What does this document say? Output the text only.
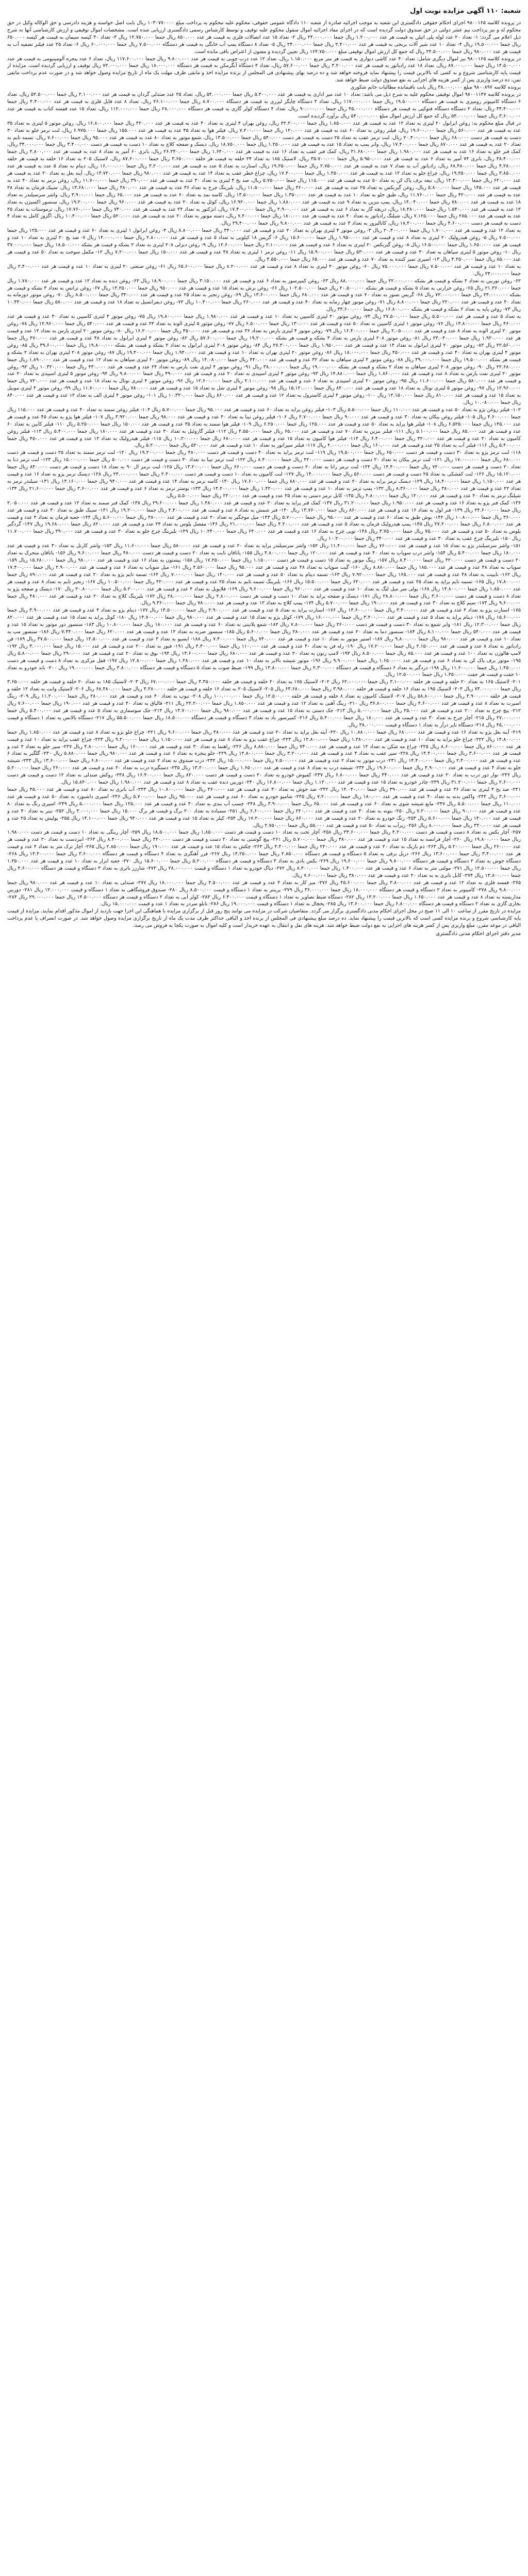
شعبه: ۱۱۰ آگهی مزایده نوبت اول

در پرونده کلاسه ۹۸۰۰۱۶۵ اجرای احکام حقوقی دادگستری این شعبه به موجب اجرائیه صادره از شعبه ۱۱۰ دادگاه عمومی حقوقی، محکوم علیه محکوم به پرداخت مبلغ ۱۰۳۰۷۷۰۰۰۰ ریال بابت اصل خواسته و هزینه دادرسی و حق الوکاله وکیل در حق محکوم له و نیز پرداخت نیم عشر دولتی در حق صندوق دولت گردیده است که در اجرای مفاد اجرائیه اموال منقول محکوم علیه توقیف و توسط کارشناس رسمی دادگستری ارزیابی شده است. مشخصات اموال توقیفی و ارزش کارشناسی آنها به شرح ذیل اعلام می گردد: ۱- تعداد ۲۰ عدد لوله پلی اتیلن به قیمت هر عدد ۱.۲۰۰.۰۰۰ ریال جمعا ۲۴.۰۰۰.۰۰۰ ریال ۲- تعداد ۱۵ عدد اتصالات فلزی به قیمت هر عدد ۸۵۰.۰۰۰ ریال جمعا ۱۲.۷۵۰.۰۰۰ ریال ۳- تعداد ۳۰ کیسه سیمان به قیمت هر کیسه ۶۵۰.۰۰۰ ریال جمعا ۱۹.۵۰۰.۰۰۰ ریال ۴- تعداد ۱۰ عدد شیر آلات برنجی به قیمت هر عدد ۲.۴۰۰.۰۰۰ ریال جمعا ۲۴.۰۰۰.۰۰۰ ریال ۵- تعداد ۸ دستگاه پمپ آب خانگی به قیمت هر دستگاه ۷.۵۰۰.۰۰۰ ریال جمعا ۶۰.۰۰۰.۰۰۰ ریال ۶- تعداد ۲۵ عدد فیلتر تصفیه آب به قیمت هر عدد ۹۸۰.۰۰۰ ریال جمعا ۲۴.۵۰۰.۰۰۰ ریال که جمع کل ارزش اموال توقیفی مبلغ ۱۶۴.۷۵۰.۰۰۰ ریال تعیین گردیده و مصون از اعتراض باقی مانده است.

در پرونده کلاسه ۹۸۰۰۱۶۵ نیز اموال دیگری شامل: تعداد ۴۰ عدد کاشی دیواری به قیمت هر متر مربع ۱.۱۵۰.۰۰۰ ریال، تعداد ۱۲ عدد درب چوبی به قیمت هر عدد ۹.۸۰۰.۰۰۰ ریال جمعا ۱۱۷.۶۰۰.۰۰۰ ریال، تعداد ۶ عدد پنجره آلومینیومی به قیمت هر عدد ۱۴.۵۰۰.۰۰۰ ریال جمعا ۸۷.۰۰۰.۰۰۰ ریال، تعداد ۱۸ عدد رادیاتور به قیمت هر عدد ۳.۲۰۰.۰۰۰ ریال جمعا ۵۷.۶۰۰.۰۰۰ ریال، تعداد ۴ دستگاه آبگرمکن به قیمت هر دستگاه ۱۸.۰۰۰.۰۰۰ ریال جمعا ۷۲.۰۰۰.۰۰۰ ریال توقیف و ارزیابی گردیده است. مزایده از قیمت پایه کارشناسی شروع و به کسی که بالاترین قیمت را پیشنهاد نماید فروخته خواهد شد و ده درصد بهای پیشنهادی فی المجلس از برنده مزایده اخذ و مابقی ظرف مهلت یک ماه از تاریخ مزایده وصول خواهد شد و در صورت عدم پرداخت مابقی ثمن، ده درصد واریزی پس از کسر هزینه های اجرایی به نفع صندوق دولت ضبط خواهد شد.

پرونده کلاسه ۹۸۰۰۸۹۷ مبلغ ۳۸.۰۰۰.۰۰۰ ریال بابت باقیمانده مطالبات خانم شکوری

در پرونده کلاسه ۹۸۰۰۱۱۴۷ اموال توقیفی محکوم علیه به شرح ذیل می باشد: تعداد ۱۰ عدد میز اداری به قیمت هر عدد ۵.۴۰۰.۰۰۰ ریال جمعا ۵۴.۰۰۰.۰۰۰ ریال، تعداد ۲۵ عدد صندلی گردان به قیمت هر عدد ۲.۱۰۰.۰۰۰ ریال جمعا ۵۲.۵۰۰.۰۰۰ ریال، تعداد ۶ دستگاه کامپیوتر رومیزی به قیمت هر دستگاه ۱۹.۵۰۰.۰۰۰ ریال جمعا ۱۱۷.۰۰۰.۰۰۰ ریال، تعداد ۳ دستگاه چاپگر لیزری به قیمت هر دستگاه ۸.۷۰۰.۰۰۰ ریال جمعا ۲۶.۱۰۰.۰۰۰ ریال، تعداد ۸ عدد فایل فلزی به قیمت هر عدد ۴.۳۰۰.۰۰۰ ریال جمعا ۳۴.۴۰۰.۰۰۰ ریال، تعداد ۲ دستگاه دستگاه فتوکپی به قیمت هر دستگاه ۴۵.۰۰۰.۰۰۰ ریال جمعا ۹۰.۰۰۰.۰۰۰ ریال، تعداد ۴ دستگاه کولر گازی به قیمت هر دستگاه ۲۸.۰۰۰.۰۰۰ ریال جمعا ۱۱۲.۰۰۰.۰۰۰ ریال، تعداد ۱۵ عدد قفسه کتاب به قیمت هر عدد ۳.۶۰۰.۰۰۰ ریال جمعا ۵۴.۰۰۰.۰۰۰ ریال که جمع کل ارزش اموال مبلغ ۵۴۰.۰۰۰.۰۰۰ ریال برآورد گردیده است.

در قبال مبلغ محکوم به: روغن ایرانول ۲۰ لیتری به تعداد ۱۲ عدد به قیمت هر عدد ۱.۸۵۰.۰۰۰ ریال جمعا ۲۲.۲۰۰.۰۰۰ ریال، روغن بهران ۴ لیتری به تعداد ۴۰ عدد به قیمت هر عدد ۴۲۰.۰۰۰ ریال جمعا ۱۶.۸۰۰.۰۰۰ ریال، روغن موتور ۵ لیتری به تعداد ۳۵ عدد به قیمت هر عدد ۵۶۰.۰۰۰ ریال جمعا ۱۹.۶۰۰.۰۰۰ ریال، فیلتر روغن به تعداد ۶۰ عدد به قیمت هر عدد ۱۲۰.۰۰۰ ریال جمعا ۷.۲۰۰.۰۰۰ ریال، فیلتر هوا به تعداد ۴۵ عدد به قیمت هر عدد ۱۵۵.۰۰۰ ریال جمعا ۶.۹۷۵.۰۰۰ ریال، لنت ترمز جلو به تعداد ۳۰ دست به قیمت هر دست ۶۸۰.۰۰۰ ریال جمعا ۲۰.۴۰۰.۰۰۰ ریال، لنت ترمز عقب به تعداد ۲۵ دست به قیمت هر دست ۵۴۰.۰۰۰ ریال جمعا ۱۳.۵۰۰.۰۰۰ ریال، شمع موتور به تعداد ۸۰ عدد به قیمت هر عدد ۹۵.۰۰۰ ریال جمعا ۷.۶۰۰.۰۰۰ ریال، تسمه تایم به تعداد ۲۰ عدد به قیمت هر عدد ۸۷۰.۰۰۰ ریال جمعا ۱۷.۴۰۰.۰۰۰ ریال، واتر پمپ به تعداد ۱۵ عدد به قیمت هر عدد ۱.۲۵۰.۰۰۰ ریال جمعا ۱۸.۷۵۰.۰۰۰ ریال، دیسک و صفحه کلاچ به تعداد ۱۰ دست به قیمت هر دست ۳.۴۰۰.۰۰۰ ریال جمعا ۳۴.۰۰۰.۰۰۰ ریال، کمک فنر جلو به تعداد ۱۶ عدد به قیمت هر عدد ۱.۹۸۰.۰۰۰ ریال جمعا ۳۱.۶۸۰.۰۰۰ ریال، کمک فنر عقب به تعداد ۱۶ عدد به قیمت هر عدد ۱.۶۴۰.۰۰۰ ریال جمعا ۲۶.۲۴۰.۰۰۰ ریال، باتری ۶۰ آمپر به تعداد ۸ عدد به قیمت هر عدد ۴.۸۰۰.۰۰۰ ریال جمعا ۳۸.۴۰۰.۰۰۰ ریال، باتری ۷۴ آمپر به تعداد ۶ عدد به قیمت هر عدد ۵.۹۵۰.۰۰۰ ریال جمعا ۳۵.۷۰۰.۰۰۰ ریال، لاستیک ۱۸۵ به تعداد ۲۴ حلقه به قیمت هر حلقه ۳.۶۵۰.۰۰۰ ریال جمعا ۸۷.۶۰۰.۰۰۰ ریال، لاستیک ۲۰۵ به تعداد ۱۶ حلقه به قیمت هر حلقه ۴.۲۸۰.۰۰۰ ریال جمعا ۶۸.۴۸۰.۰۰۰ ریال، رادیاتور آب به تعداد ۷ عدد به قیمت هر عدد ۲.۷۵۰.۰۰۰ ریال جمعا ۱۹.۲۵۰.۰۰۰ ریال، استارت به تعداد ۵ عدد به قیمت هر عدد ۳.۲۰۰.۰۰۰ ریال جمعا ۱۶.۰۰۰.۰۰۰ ریال، دینام به تعداد ۵ عدد به قیمت هر عدد ۳.۸۵۰.۰۰۰ ریال جمعا ۱۹.۲۵۰.۰۰۰ ریال، چراغ جلو به تعداد ۱۲ عدد به قیمت هر عدد ۱.۴۵۰.۰۰۰ ریال جمعا ۱۷.۴۰۰.۰۰۰ ریال، چراغ خطر عقب به تعداد ۱۴ عدد به قیمت هر عدد ۹۸۰.۰۰۰ ریال جمعا ۱۳.۷۲۰.۰۰۰ ریال، آینه بغل به تعداد ۲۰ عدد به قیمت هر عدد ۶۲۰.۰۰۰ ریال جمعا ۱۲.۴۰۰.۰۰۰ ریال، تیغه برف پاک کن به تعداد ۵۰ عدد به قیمت هر عدد ۱۱۵.۰۰۰ ریال جمعا ۵.۷۵۰.۰۰۰ ریال، ضد یخ ۴ لیتری به تعداد ۳۰ عدد به قیمت هر عدد ۳۹۰.۰۰۰ ریال جمعا ۱۱.۷۰۰.۰۰۰ ریال، روغن ترمز به تعداد ۴۰ عدد به قیمت هر عدد ۱۴۵.۰۰۰ ریال جمعا ۵.۸۰۰.۰۰۰ ریال، روغن گیربکس به تعداد ۲۵ عدد به قیمت هر عدد ۴۶۰.۰۰۰ ریال جمعا ۱۱.۵۰۰.۰۰۰ ریال، بلبرینگ چرخ به تعداد ۳۶ عدد به قیمت هر عدد ۳۸۰.۰۰۰ ریال جمعا ۱۳.۶۸۰.۰۰۰ ریال، سیبک فرمان به تعداد ۲۸ عدد به قیمت هر عدد ۴۲۰.۰۰۰ ریال جمعا ۱۱.۷۶۰.۰۰۰ ریال، طبق جلو به تعداد ۱۰ عدد به قیمت هر عدد ۱.۳۵۰.۰۰۰ ریال جمعا ۱۳.۵۰۰.۰۰۰ ریال، کاسه نمد به تعداد ۶۰ عدد به قیمت هر عدد ۶۵.۰۰۰ ریال جمعا ۳.۹۰۰.۰۰۰ ریال، واشر سرسیلندر به تعداد ۱۸ عدد به قیمت هر عدد ۷۸۰.۰۰۰ ریال جمعا ۱۴.۰۴۰.۰۰۰ ریال، پمپ بنزین به تعداد ۹ عدد به قیمت هر عدد ۱.۸۸۰.۰۰۰ ریال جمعا ۱۶.۹۲۰.۰۰۰ ریال، کوئل به تعداد ۲۰ عدد به قیمت هر عدد ۹۶۰.۰۰۰ ریال جمعا ۱۹.۲۰۰.۰۰۰ ریال، سنسور اکسیژن به تعداد ۱۲ عدد به قیمت هر عدد ۱.۵۴۰.۰۰۰ ریال جمعا ۱۸.۴۸۰.۰۰۰ ریال، دریچه گاز به تعداد ۶ عدد به قیمت هر عدد ۲.۹۰۰.۰۰۰ ریال جمعا ۱۷.۴۰۰.۰۰۰ ریال، انژکتور به تعداد ۲۴ عدد به قیمت هر عدد ۷۴۰.۰۰۰ ریال جمعا ۱۷.۷۶۰.۰۰۰ ریال، ترموستات به تعداد ۲۵ عدد به قیمت هر عدد ۲۸۵.۰۰۰ ریال جمعا ۷.۱۲۵.۰۰۰ ریال، شیلنگ رادیاتور به تعداد ۴۰ عدد به قیمت هر عدد ۱۸۰.۰۰۰ ریال جمعا ۷.۲۰۰.۰۰۰ ریال، دسته موتور به تعداد ۲۰ عدد به قیمت هر عدد ۵۲۰.۰۰۰ ریال جمعا ۱۰.۴۰۰.۰۰۰ ریال، اگزوز کامل به تعداد ۴ دست به قیمت هر دست ۴.۶۰۰.۰۰۰ ریال جمعا ۱۸.۴۰۰.۰۰۰ ریال، کاتالیزور به تعداد ۳ عدد به قیمت هر عدد ۹.۸۰۰.۰۰۰ ریال جمعا ۲۹.۴۰۰.۰۰۰ ریال.

به تعداد ۱۲ عدد و قیمت هر عدد ۱.۷۰۰.۰۰۰ ریال جمعا ۲۰.۴۰۰.۰۰۰ ریال ۳- روغن موتور ۴ لیتری بهران به تعداد ۲۰ عدد و قیمت هر عدد ۴۴۰.۰۰۰ ریال جمعا ۸.۸۰۰.۰۰۰ ریال ۴- روغن ایرانول ۱ لیتری به تعداد ۶۰ عدد و قیمت هر عدد ۱۲۵.۰۰۰ ریال جمعا ۷.۵۰۰.۰۰۰ ریال ۵- روغن هیدرولیک ۲۰ لیتری به تعداد ۸ عدد و قیمت هر عدد ۱.۹۵۰.۰۰۰ ریال جمعا ۱۵.۶۰۰.۰۰۰ ریال ۶- گریس ۱۸ کیلویی به تعداد ۵ عدد و قیمت هر عدد ۲.۸۰۰.۰۰۰ ریال جمعا ۱۴.۰۰۰.۰۰۰ ریال ۷- ضد یخ ۲۰ لیتری به تعداد ۱۰ عدد و قیمت هر عدد ۱.۶۵۰.۰۰۰ ریال جمعا ۱۶.۵۰۰.۰۰۰ ریال ۸- روغن گیربکس ۲۰ لیتری به تعداد ۶ عدد و قیمت هر عدد ۲.۱۰۰.۰۰۰ ریال جمعا ۱۲.۶۰۰.۰۰۰ ریال ۹- روغن دیزلی ۲۰۸ لیتری به تعداد ۲ بشکه و قیمت هر بشکه ۱۸.۵۰۰.۰۰۰ ریال جمعا ۳۷.۰۰۰.۰۰۰ ریال ۱۰- روغن موتور ۵ لیتری سپاهان به تعداد ۳۰ عدد و قیمت هر عدد ۵۳۰.۰۰۰ ریال جمعا ۱۵.۹۰۰.۰۰۰ ریال ۱۱- روغن ترمز ۱ لیتری به تعداد ۴۸ عدد و قیمت هر عدد ۱۵۰.۰۰۰ ریال جمعا ۷.۲۰۰.۰۰۰ ریال ۱۲- مکمل سوخت به تعداد ۵۰ عدد و قیمت هر عدد ۸۵.۰۰۰ ریال جمعا ۴.۲۵۰.۰۰۰ ریال ۱۳- اسپری تمیز کننده به تعداد ۷۰ عدد و قیمت هر عدد ۶۵.۰۰۰ ریال جمعا ۴.۵۵۰.۰۰۰ ریال.

به تعداد ۱۰ عدد و قیمت هر عدد ۷.۵۰۰.۰۰۰ ریال جمعا ۷۵.۰۰۰.۰۰۰ ریال ۶۰- روغن موتور ۴۰ لیتری به تعداد ۸ عدد و قیمت هر عدد ۸.۲۰۰.۰۰۰ ریال جمعا ۶۵.۶۰۰.۰۰۰ ریال ۶۱- روغن صنعتی ۲۰ لیتری به تعداد ۱۰ عدد و قیمت هر عدد ۲.۴۰۰.۰۰۰ ریال جمعا ۲۴.۰۰۰.۰۰۰ ریال.

۶۲- روغن توربین به تعداد ۴ بشکه و قیمت هر بشکه ۲۲.۰۰۰.۰۰۰ ریال جمعا ۸۸.۰۰۰.۰۰۰ ریال ۶۳- روغن کمپرسور به تعداد ۶ عدد و قیمت هر عدد ۳.۱۵۰.۰۰۰ ریال جمعا ۱۸.۹۰۰.۰۰۰ ریال ۶۴- روغن دنده به تعداد ۱۲ عدد و قیمت هر عدد ۱.۷۸۰.۰۰۰ ریال جمعا ۲۱.۳۶۰.۰۰۰ ریال ۶۵- روغن حرارتی به تعداد ۵ بشکه و قیمت هر بشکه ۲۰.۵۰۰.۰۰۰ ریال جمعا ۱۰۲.۵۰۰.۰۰۰ ریال ۶۶- روغن برش به تعداد ۱۵ عدد و قیمت هر عدد ۹۵۰.۰۰۰ ریال جمعا ۱۴.۲۵۰.۰۰۰ ریال ۶۷- روغن ترانس به تعداد ۳ بشکه و قیمت هر بشکه ۲۴.۰۰۰.۰۰۰ ریال جمعا ۷۲.۰۰۰.۰۰۰ ریال ۶۸- گریس نسوز به تعداد ۲۰ عدد و قیمت هر عدد ۶۸۰.۰۰۰ ریال جمعا ۱۳.۶۰۰.۰۰۰ ریال ۶۹- روغن زنجیر به تعداد ۲۵ عدد و قیمت هر عدد ۳۴۰.۰۰۰ ریال جمعا ۸.۵۰۰.۰۰۰ ریال ۷۰- روغن موتور دوزمانه به تعداد ۴۰ عدد و قیمت هر عدد ۲۲۰.۰۰۰ ریال جمعا ۸.۸۰۰.۰۰۰ ریال ۷۱- روغن موتور چهار زمانه به تعداد ۴۰ عدد و قیمت هر عدد ۲۶۰.۰۰۰ ریال جمعا ۱۰.۴۰۰.۰۰۰ ریال ۷۲- روغن دیفرانسیل به تعداد ۱۸ عدد و قیمت هر عدد ۵۸۰.۰۰۰ ریال جمعا ۱۰.۴۴۰.۰۰۰ ریال ۷۳- روغن پایه به تعداد ۲ بشکه و قیمت هر بشکه ۱۶.۸۰۰.۰۰۰ ریال جمعا ۳۳.۶۰۰.۰۰۰ ریال.

به تعداد ۵ عدد و قیمت هر عدد ۵.۵۰۰.۰۰۰ ریال جمعا ۲۷.۵۰۰.۰۰۰ ریال ۷۴- روغن موتور ۲۰ لیتری کاسپین به تعداد ۱۰ عدد و قیمت هر عدد ۱.۹۸۰.۰۰۰ ریال جمعا ۱۹.۸۰۰.۰۰۰ ریال ۷۵- روغن موتور ۴ لیتری کاسپین به تعداد ۳۰ عدد و قیمت هر عدد ۴۶۰.۰۰۰ ریال جمعا ۱۳.۸۰۰.۰۰۰ ریال ۷۶- روغن موتور ۱ لیتری کاسپین به تعداد ۵۰ عدد و قیمت هر عدد ۱۳۰.۰۰۰ ریال جمعا ۶.۵۰۰.۰۰۰ ریال ۷۷- روغن موتور ۵ لیتری الوند به تعداد ۲۴ عدد و قیمت هر عدد ۵۴۰.۰۰۰ ریال جمعا ۱۲.۹۶۰.۰۰۰ ریال ۷۸- روغن موتور ۲۰ لیتری الوند به تعداد ۸ عدد و قیمت هر عدد ۲.۰۵۰.۰۰۰ ریال جمعا ۱۶.۴۰۰.۰۰۰ ریال ۷۹- روغن موتور ۴ لیتری پارس به تعداد ۳۶ عدد و قیمت هر عدد ۴۵۰.۰۰۰ ریال جمعا ۱۶.۲۰۰.۰۰۰ ریال ۸۰- روغن موتور ۲۰ لیتری پارس به تعداد ۱۲ عدد و قیمت هر عدد ۱.۹۲۰.۰۰۰ ریال جمعا ۲۳.۰۴۰.۰۰۰ ریال ۸۱- روغن موتور ۲۰۸ لیتری پارس به تعداد ۳ بشکه و قیمت هر بشکه ۱۹.۲۰۰.۰۰۰ ریال جمعا ۵۷.۶۰۰.۰۰۰ ریال ۸۲- روغن موتور ۴ لیتری ایرانول به تعداد ۴۸ عدد و قیمت هر عدد ۴۷۰.۰۰۰ ریال جمعا ۲۲.۵۶۰.۰۰۰ ریال ۸۳- روغن موتور ۲۰ لیتری ایرانول به تعداد ۱۴ عدد و قیمت هر عدد ۱.۹۵۰.۰۰۰ ریال جمعا ۲۷.۳۰۰.۰۰۰ ریال ۸۴- روغن موتور ۲۰۸ لیتری ایرانول به تعداد ۲ بشکه و قیمت هر بشکه ۱۹.۸۰۰.۰۰۰ ریال جمعا ۳۹.۶۰۰.۰۰۰ ریال ۸۵- روغن موتور ۴ لیتری بهران به تعداد ۴۰ عدد و قیمت هر عدد ۴۵۰.۰۰۰ ریال جمعا ۱۸.۰۰۰.۰۰۰ ریال ۸۶- روغن موتور ۲۰ لیتری بهران به تعداد ۱۰ عدد و قیمت هر عدد ۱.۹۴۰.۰۰۰ ریال جمعا ۱۹.۴۰۰.۰۰۰ ریال ۸۷- روغن موتور ۲۰۸ لیتری بهران به تعداد ۲ بشکه و قیمت هر بشکه ۱۹.۵۰۰.۰۰۰ ریال جمعا ۳۹.۰۰۰.۰۰۰ ریال ۸۸- روغن موتور ۴ لیتری سپاهان به تعداد ۳۲ عدد و قیمت هر عدد ۴۴۰.۰۰۰ ریال جمعا ۱۴.۰۸۰.۰۰۰ ریال ۸۹- روغن موتور ۲۰ لیتری سپاهان به تعداد ۱۲ عدد و قیمت هر عدد ۱.۸۹۰.۰۰۰ ریال جمعا ۲۲.۶۸۰.۰۰۰ ریال ۹۰- روغن موتور ۲۰۸ لیتری سپاهان به تعداد ۲ بشکه و قیمت هر بشکه ۱۹.۰۰۰.۰۰۰ ریال جمعا ۳۸.۰۰۰.۰۰۰ ریال ۹۱- روغن موتور ۴ لیتری نفت پارس به تعداد ۲۴ عدد و قیمت هر عدد ۴۳۰.۰۰۰ ریال جمعا ۱۰.۳۲۰.۰۰۰ ریال ۹۲- روغن موتور ۲۰ لیتری نفت پارس به تعداد ۸ عدد و قیمت هر عدد ۱.۸۶۰.۰۰۰ ریال جمعا ۱۴.۸۸۰.۰۰۰ ریال ۹۳- روغن موتور ۴ لیتری اسپیدی به تعداد ۲۰ عدد و قیمت هر عدد ۴۹۰.۰۰۰ ریال جمعا ۹.۸۰۰.۰۰۰ ریال ۹۴- روغن موتور ۵ لیتری اسپیدی به تعداد ۲۰ عدد و قیمت هر عدد ۵۸۰.۰۰۰ ریال جمعا ۱۱.۶۰۰.۰۰۰ ریال ۹۵- روغن موتور ۲۰ لیتری اسپیدی به تعداد ۶ عدد و قیمت هر عدد ۲.۱۰۰.۰۰۰ ریال جمعا ۱۲.۶۰۰.۰۰۰ ریال ۹۶- روغن موتور ۴ لیتری توتال به تعداد ۱۸ عدد و قیمت هر عدد ۷۲۰.۰۰۰ ریال جمعا ۱۲.۹۶۰.۰۰۰ ریال ۹۷- روغن موتور ۵ لیتری توتال به تعداد ۱۸ عدد و قیمت هر عدد ۸۴۰.۰۰۰ ریال جمعا ۱۵.۱۲۰.۰۰۰ ریال ۹۸- روغن موتور ۴ لیتری شل به تعداد ۱۵ عدد و قیمت هر عدد ۷۸۰.۰۰۰ ریال جمعا ۱۱.۷۰۰.۰۰۰ ریال ۹۹- روغن موتور ۴ لیتری موبیل به تعداد ۱۵ عدد و قیمت هر عدد ۸۱۰.۰۰۰ ریال جمعا ۱۲.۱۵۰.۰۰۰ ریال ۱۰۰- روغن موتور ۴ لیتری کاسترول به تعداد ۱۲ عدد و قیمت هر عدد ۸۶۰.۰۰۰ ریال جمعا ۱۰.۳۲۰.۰۰۰ ریال ۱۰۱- روغن موتور ۴ لیتری الف به تعداد ۱۲ عدد و قیمت هر عدد ۸۴۰.۰۰۰ ریال جمعا ۱۰.۰۸۰.۰۰۰ ریال.

۱۰۲- فیلتر روغن پژو به تعداد ۵۰ عدد و قیمت هر عدد ۱۱۰.۰۰۰ ریال جمعا ۵.۵۰۰.۰۰۰ ریال ۱۰۳- فیلتر روغن پراید به تعداد ۶۰ عدد و قیمت هر عدد ۹۵.۰۰۰ ریال جمعا ۵.۷۰۰.۰۰۰ ریال ۱۰۴- فیلتر روغن سمند به تعداد ۴۰ عدد و قیمت هر عدد ۱۱۵.۰۰۰ ریال جمعا ۴.۶۰۰.۰۰۰ ریال ۱۰۵- فیلتر روغن پیکان به تعداد ۳۰ عدد و قیمت هر عدد ۹۰.۰۰۰ ریال جمعا ۲.۷۰۰.۰۰۰ ریال ۱۰۶- فیلتر روغن تیبا به تعداد ۴۰ عدد و قیمت هر عدد ۹۸.۰۰۰ ریال جمعا ۳.۹۲۰.۰۰۰ ریال ۱۰۷- فیلتر هوا پژو به تعداد ۴۵ عدد و قیمت هر عدد ۱۴۵.۰۰۰ ریال جمعا ۶.۵۲۵.۰۰۰ ریال ۱۰۸- فیلتر هوا پراید به تعداد ۵۰ عدد و قیمت هر عدد ۱۲۵.۰۰۰ ریال جمعا ۶.۲۵۰.۰۰۰ ریال ۱۰۹- فیلتر هوا سمند به تعداد ۳۵ عدد و قیمت هر عدد ۱۵۰.۰۰۰ ریال جمعا ۵.۲۵۰.۰۰۰ ریال ۱۱۰- فیلتر کابین به تعداد ۶۰ عدد و قیمت هر عدد ۸۵.۰۰۰ ریال جمعا ۵.۱۰۰.۰۰۰ ریال ۱۱۱- فیلتر بنزین به تعداد ۷۰ عدد و قیمت هر عدد ۶۵.۰۰۰ ریال جمعا ۴.۵۵۰.۰۰۰ ریال ۱۱۲- فیلتر گازوئیل به تعداد ۳۰ عدد و قیمت هر عدد ۱۸۰.۰۰۰ ریال جمعا ۵.۴۰۰.۰۰۰ ریال ۱۱۳- فیلتر روغن کامیون به تعداد ۲۰ عدد و قیمت هر عدد ۳۲۰.۰۰۰ ریال جمعا ۶.۴۰۰.۰۰۰ ریال ۱۱۴- فیلتر هوا کامیون به تعداد ۱۵ عدد و قیمت هر عدد ۶۸۰.۰۰۰ ریال جمعا ۱۰.۲۰۰.۰۰۰ ریال ۱۱۵- فیلتر هیدرولیک به تعداد ۱۲ عدد و قیمت هر عدد ۴۵۰.۰۰۰ ریال جمعا ۵.۴۰۰.۰۰۰ ریال ۱۱۶- فیلتر آب به تعداد ۲۵ عدد و قیمت هر عدد ۱۶۰.۰۰۰ ریال جمعا ۴.۰۰۰.۰۰۰ ریال ۱۱۷- فیلتر سپراتور به تعداد ۱۰ عدد و قیمت هر عدد ۵۲۰.۰۰۰ ریال جمعا ۵.۲۰۰.۰۰۰ ریال.

۱۱۸- لنت ترمز پژو به تعداد ۳۰ دست و قیمت هر دست ۶۵۰.۰۰۰ ریال جمعا ۱۹.۵۰۰.۰۰۰ ریال ۱۱۹- لنت ترمز پراید به تعداد ۴۰ دست و قیمت هر دست ۴۸۰.۰۰۰ ریال جمعا ۱۹.۲۰۰.۰۰۰ ریال ۱۲۰- لنت ترمز سمند به تعداد ۲۵ دست و قیمت هر دست ۶۸۰.۰۰۰ ریال جمعا ۱۷.۰۰۰.۰۰۰ ریال ۱۲۱- لنت ترمز پیکان به تعداد ۲۰ دست و قیمت هر دست ۴۲۰.۰۰۰ ریال جمعا ۸.۴۰۰.۰۰۰ ریال ۱۲۲- لنت ترمز تیبا به تعداد ۳۰ دست و قیمت هر دست ۵۰۰.۰۰۰ ریال جمعا ۱۵.۰۰۰.۰۰۰ ریال ۱۲۳- لنت ترمز دنا به تعداد ۲۰ دست و قیمت هر دست ۷۲۰.۰۰۰ ریال جمعا ۱۴.۴۰۰.۰۰۰ ریال ۱۲۴- لنت ترمز رانا به تعداد ۲۰ دست و قیمت هر دست ۶۶۰.۰۰۰ ریال جمعا ۱۳.۲۰۰.۰۰۰ ریال ۱۲۵- لنت ترمز ال ۹۰ به تعداد ۱۸ دست و قیمت هر دست ۸۴۰.۰۰۰ ریال جمعا ۱۵.۱۲۰.۰۰۰ ریال ۱۲۶- لنت کفشکی به تعداد ۲۵ دست و قیمت هر دست ۵۶۰.۰۰۰ ریال جمعا ۱۴.۰۰۰.۰۰۰ ریال ۱۲۷- لنت کامیون به تعداد ۱۰ دست و قیمت هر دست ۲.۴۰۰.۰۰۰ ریال جمعا ۲۴.۰۰۰.۰۰۰ ریال ۱۲۸- دیسک ترمز پژو به تعداد ۱۶ عدد و قیمت هر عدد ۱.۱۵۰.۰۰۰ ریال جمعا ۱۸.۴۰۰.۰۰۰ ریال ۱۲۹- دیسک ترمز پراید به تعداد ۲۰ عدد و قیمت هر عدد ۸۸۰.۰۰۰ ریال جمعا ۱۷.۶۰۰.۰۰۰ ریال ۱۳۰- کاسه ترمز به تعداد ۱۴ عدد و قیمت هر عدد ۹۴۰.۰۰۰ ریال جمعا ۱۳.۱۶۰.۰۰۰ ریال ۱۳۱- سیلندر ترمز به تعداد ۲۲ عدد و قیمت هر عدد ۳۸۰.۰۰۰ ریال جمعا ۸.۳۶۰.۰۰۰ ریال ۱۳۲- پمپ ترمز به تعداد ۱۰ عدد و قیمت هر عدد ۱.۴۲۰.۰۰۰ ریال جمعا ۱۴.۲۰۰.۰۰۰ ریال ۱۳۳- بوستر ترمز به تعداد ۶ عدد و قیمت هر عدد ۳.۶۰۰.۰۰۰ ریال جمعا ۲۱.۶۰۰.۰۰۰ ریال ۱۳۴- شیلنگ ترمز به تعداد ۴۰ عدد و قیمت هر عدد ۱۲۰.۰۰۰ ریال جمعا ۴.۸۰۰.۰۰۰ ریال ۱۳۵- کابل ترمز دستی به تعداد ۲۵ عدد و قیمت هر عدد ۲۲۰.۰۰۰ ریال جمعا ۵.۵۰۰.۰۰۰ ریال.

۱۳۶- کمک فنر پژو به تعداد ۱۶ عدد و قیمت هر عدد ۱.۹۵۰.۰۰۰ ریال جمعا ۳۱.۲۰۰.۰۰۰ ریال ۱۳۷- کمک فنر پراید به تعداد ۲۰ عدد و قیمت هر عدد ۱.۴۸۰.۰۰۰ ریال جمعا ۲۹.۶۰۰.۰۰۰ ریال ۱۳۸- کمک فنر سمند به تعداد ۱۲ عدد و قیمت هر عدد ۲.۰۵۰.۰۰۰ ریال جمعا ۲۴.۶۰۰.۰۰۰ ریال ۱۳۹- فنر لول به تعداد ۱۶ عدد و قیمت هر عدد ۸۶۰.۰۰۰ ریال جمعا ۱۳.۷۶۰.۰۰۰ ریال ۱۴۰- فنر شمش به تعداد ۸ عدد و قیمت هر عدد ۲.۴۰۰.۰۰۰ ریال جمعا ۱۹.۲۰۰.۰۰۰ ریال ۱۴۱- سیبک طبق به تعداد ۳۰ عدد و قیمت هر عدد ۳۶۰.۰۰۰ ریال جمعا ۱۰.۸۰۰.۰۰۰ ریال ۱۴۲- بوش طبق به تعداد ۶۰ عدد و قیمت هر عدد ۹۵.۰۰۰ ریال جمعا ۵.۷۰۰.۰۰۰ ریال ۱۴۳- میل موجگیر به تعداد ۲۰ عدد و قیمت هر عدد ۲۸۰.۰۰۰ ریال جمعا ۵.۶۰۰.۰۰۰ ریال ۱۴۴- جعبه فرمان به تعداد ۴ عدد و قیمت هر عدد ۶.۸۰۰.۰۰۰ ریال جمعا ۲۷.۲۰۰.۰۰۰ ریال ۱۴۵- پمپ هیدرولیک فرمان به تعداد ۵ عدد و قیمت هر عدد ۴.۲۰۰.۰۰۰ ریال جمعا ۲۱.۰۰۰.۰۰۰ ریال ۱۴۶- مفصل پلوس به تعداد ۲۴ عدد و قیمت هر عدد ۸۲۰.۰۰۰ ریال جمعا ۱۹.۶۸۰.۰۰۰ ریال ۱۴۷- گردگیر پلوس به تعداد ۵۰ عدد و قیمت هر عدد ۷۵.۰۰۰ ریال جمعا ۳.۷۵۰.۰۰۰ ریال ۱۴۸- توپی چرخ به تعداد ۱۶ عدد و قیمت هر عدد ۶۴۰.۰۰۰ ریال جمعا ۱۰.۲۴۰.۰۰۰ ریال ۱۴۹- بلبرینگ چرخ جلو به تعداد ۳۰ عدد و قیمت هر عدد ۳۹۰.۰۰۰ ریال جمعا ۱۱.۷۰۰.۰۰۰ ریال ۱۵۰- بلبرینگ چرخ عقب به تعداد ۳۰ عدد و قیمت هر عدد ۳۴۰.۰۰۰ ریال جمعا ۱۰.۲۰۰.۰۰۰ ریال.

۱۵۱- واشر سرسیلندر پژو به تعداد ۱۵ عدد و قیمت هر عدد ۷۶۰.۰۰۰ ریال جمعا ۱۱.۴۰۰.۰۰۰ ریال ۱۵۲- واشر سرسیلندر پراید به تعداد ۲۰ عدد و قیمت هر عدد ۵۸۰.۰۰۰ ریال جمعا ۱۱.۶۰۰.۰۰۰ ریال ۱۵۳- واشر کارتل به تعداد ۳۰ عدد و قیمت هر عدد ۱۸۰.۰۰۰ ریال جمعا ۵.۴۰۰.۰۰۰ ریال ۱۵۴- واشر درب سوپاپ به تعداد ۴۰ عدد و قیمت هر عدد ۱۲۰.۰۰۰ ریال جمعا ۴.۸۰۰.۰۰۰ ریال ۱۵۵- یاتاقان ثابت به تعداد ۲۰ دست و قیمت هر دست ۴۸۰.۰۰۰ ریال جمعا ۹.۶۰۰.۰۰۰ ریال ۱۵۶- یاتاقان متحرک به تعداد ۲۰ دست و قیمت هر دست ۴۲۰.۰۰۰ ریال جمعا ۸.۴۰۰.۰۰۰ ریال ۱۵۷- رینگ موتور به تعداد ۱۵ دست و قیمت هر دست ۱.۱۵۰.۰۰۰ ریال جمعا ۱۷.۲۵۰.۰۰۰ ریال ۱۵۸- پیستون به تعداد ۱۶ عدد و قیمت هر عدد ۹۸۰.۰۰۰ ریال جمعا ۱۵.۶۸۰.۰۰۰ ریال ۱۵۹- سوپاپ به تعداد ۴۸ عدد و قیمت هر عدد ۱۸۵.۰۰۰ ریال جمعا ۸.۸۸۰.۰۰۰ ریال ۱۶۰- گیت سوپاپ به تعداد ۴۸ عدد و قیمت هر عدد ۹۵.۰۰۰ ریال جمعا ۴.۵۶۰.۰۰۰ ریال ۱۶۱- میل سوپاپ به تعداد ۶ عدد و قیمت هر عدد ۲.۹۰۰.۰۰۰ ریال جمعا ۱۷.۴۰۰.۰۰۰ ریال ۱۶۲- تایپیت به تعداد ۴۸ عدد و قیمت هر عدد ۱۶۵.۰۰۰ ریال جمعا ۷.۹۲۰.۰۰۰ ریال ۱۶۳- تسمه دینام به تعداد ۵۰ عدد و قیمت هر عدد ۱۴۰.۰۰۰ ریال جمعا ۷.۰۰۰.۰۰۰ ریال ۱۶۴- تسمه تایم پژو به تعداد ۲۰ عدد و قیمت هر عدد ۸۹۰.۰۰۰ ریال جمعا ۱۷.۸۰۰.۰۰۰ ریال ۱۶۵- تسمه تایم پراید به تعداد ۲۵ عدد و قیمت هر عدد ۶۲۰.۰۰۰ ریال جمعا ۱۵.۵۰۰.۰۰۰ ریال ۱۶۶- بلبرینگ تسمه تایم به تعداد ۲۵ عدد و قیمت هر عدد ۴۲۰.۰۰۰ ریال جمعا ۱۰.۵۰۰.۰۰۰ ریال ۱۶۷- زنجیر تایم به تعداد ۸ عدد و قیمت هر عدد ۱.۸۵۰.۰۰۰ ریال جمعا ۱۴.۸۰۰.۰۰۰ ریال ۱۶۸- پولی سر میل لنگ به تعداد ۱۰ عدد و قیمت هر عدد ۹۶۰.۰۰۰ ریال جمعا ۹.۶۰۰.۰۰۰ ریال ۱۶۹- فلایویل به تعداد ۴ عدد و قیمت هر عدد ۵.۲۰۰.۰۰۰ ریال جمعا ۲۰.۸۰۰.۰۰۰ ریال ۱۷۰- دیسک و صفحه پژو به تعداد ۸ دست و قیمت هر دست ۳.۶۰۰.۰۰۰ ریال جمعا ۲۸.۸۰۰.۰۰۰ ریال ۱۷۱- دیسک و صفحه پراید به تعداد ۱۰ دست و قیمت هر دست ۲.۸۰۰.۰۰۰ ریال جمعا ۲۸.۰۰۰.۰۰۰ ریال ۱۷۲- بلبرینگ کلاچ به تعداد ۲۰ عدد و قیمت هر عدد ۴۸۰.۰۰۰ ریال جمعا ۹.۶۰۰.۰۰۰ ریال ۱۷۳- سیم کلاچ به تعداد ۳۰ عدد و قیمت هر عدد ۱۹۰.۰۰۰ ریال جمعا ۵.۷۰۰.۰۰۰ ریال ۱۷۴- پمپ کلاچ به تعداد ۱۲ عدد و قیمت هر عدد ۷۸۰.۰۰۰ ریال جمعا ۹.۳۶۰.۰۰۰ ریال.

۱۷۵- استارت پژو به تعداد ۴ عدد و قیمت هر عدد ۳.۴۰۰.۰۰۰ ریال جمعا ۱۳.۶۰۰.۰۰۰ ریال ۱۷۶- استارت پراید به تعداد ۵ عدد و قیمت هر عدد ۲.۹۰۰.۰۰۰ ریال جمعا ۱۴.۵۰۰.۰۰۰ ریال ۱۷۷- دینام پژو به تعداد ۴ عدد و قیمت هر عدد ۳.۹۰۰.۰۰۰ ریال جمعا ۱۵.۶۰۰.۰۰۰ ریال ۱۷۸- دینام پراید به تعداد ۵ عدد و قیمت هر عدد ۳.۲۰۰.۰۰۰ ریال جمعا ۱۶.۰۰۰.۰۰۰ ریال ۱۷۹- کوئل پژو به تعداد ۱۵ عدد و قیمت هر عدد ۹۸۰.۰۰۰ ریال جمعا ۱۴.۷۰۰.۰۰۰ ریال ۱۸۰- کوئل پراید به تعداد ۱۵ عدد و قیمت هر عدد ۸۲۰.۰۰۰ ریال جمعا ۱۲.۳۰۰.۰۰۰ ریال ۱۸۱- وایر شمع به تعداد ۳۰ دست و قیمت هر دست ۲۶۰.۰۰۰ ریال جمعا ۷.۸۰۰.۰۰۰ ریال ۱۸۲- شمع پلاتینی به تعداد ۶۰ عدد و قیمت هر عدد ۱۸۰.۰۰۰ ریال جمعا ۱۰.۸۰۰.۰۰۰ ریال ۱۸۳- سنسور دور موتور به تعداد ۱۵ عدد و قیمت هر عدد ۵۴۰.۰۰۰ ریال جمعا ۸.۱۰۰.۰۰۰ ریال ۱۸۴- سنسور دما به تعداد ۲۰ عدد و قیمت هر عدد ۲۸۰.۰۰۰ ریال جمعا ۵.۶۰۰.۰۰۰ ریال ۱۸۵- سنسور ضربه به تعداد ۱۲ عدد و قیمت هر عدد ۶۲۰.۰۰۰ ریال جمعا ۷.۴۴۰.۰۰۰ ریال ۱۸۶- سنسور مپ به تعداد ۱۰ عدد و قیمت هر عدد ۹۸۰.۰۰۰ ریال جمعا ۹.۸۰۰.۰۰۰ ریال ۱۸۷- استپر موتور به تعداد ۱۰ عدد و قیمت هر عدد ۷۴۰.۰۰۰ ریال جمعا ۷.۴۰۰.۰۰۰ ریال ۱۸۸- ایسیو به تعداد ۳ عدد و قیمت هر عدد ۱۲.۵۰۰.۰۰۰ ریال جمعا ۳۷.۵۰۰.۰۰۰ ریال ۱۸۹- فن رادیاتور به تعداد ۸ عدد و قیمت هر عدد ۲.۱۵۰.۰۰۰ ریال جمعا ۱۷.۲۰۰.۰۰۰ ریال ۱۹۰- رله فن به تعداد ۴۰ عدد و قیمت هر عدد ۱۱۰.۰۰۰ ریال جمعا ۴.۴۰۰.۰۰۰ ریال ۱۹۱- فیوز به تعداد ۲۰۰ عدد و قیمت هر عدد ۱۵.۰۰۰ ریال جمعا ۳.۰۰۰.۰۰۰ ریال ۱۹۲- لامپ هالوژن به تعداد ۱۰۰ عدد و قیمت هر عدد ۸۵.۰۰۰ ریال جمعا ۸.۵۰۰.۰۰۰ ریال ۱۹۳- لامپ زنون به تعداد ۲۰ عدد و قیمت هر عدد ۶۸۰.۰۰۰ ریال جمعا ۱۳.۶۰۰.۰۰۰ ریال ۱۹۴- بوق به تعداد ۲۰ عدد و قیمت هر عدد ۲۹۰.۰۰۰ ریال جمعا ۵.۸۰۰.۰۰۰ ریال ۱۹۵- موتور برف پاک کن به تعداد ۶ عدد و قیمت هر عدد ۱.۶۵۰.۰۰۰ ریال جمعا ۹.۹۰۰.۰۰۰ ریال ۱۹۶- موتور شیشه بالابر به تعداد ۱۰ عدد و قیمت هر عدد ۱.۲۸۰.۰۰۰ ریال جمعا ۱۲.۸۰۰.۰۰۰ ریال ۱۹۷- قفل مرکزی به تعداد ۸ دست و قیمت هر دست ۱.۴۵۰.۰۰۰ ریال جمعا ۱۱.۶۰۰.۰۰۰ ریال ۱۹۸- دزدگیر به تعداد ۶ دستگاه و قیمت هر دستگاه ۲.۳۰۰.۰۰۰ ریال جمعا ۱۳.۸۰۰.۰۰۰ ریال ۱۹۹- ضبط صوت به تعداد ۵ دستگاه و قیمت هر دستگاه ۳.۸۰۰.۰۰۰ ریال جمعا ۱۹.۰۰۰.۰۰۰ ریال ۲۰۰- باند خودرو به تعداد ۱۰ جفت و قیمت هر جفت ۱.۲۵۰.۰۰۰ ریال جمعا ۱۲.۵۰۰.۰۰۰ ریال.

۲۰۱- لاستیک ۱۶۵ به تعداد ۲۰ حلقه و قیمت هر حلقه ۳.۱۰۰.۰۰۰ ریال جمعا ۶۲.۰۰۰.۰۰۰ ریال ۲۰۲- لاستیک ۱۷۵ به تعداد ۲۰ حلقه و قیمت هر حلقه ۳.۳۵۰.۰۰۰ ریال جمعا ۶۷.۰۰۰.۰۰۰ ریال ۲۰۳- لاستیک ۱۸۵ به تعداد ۲۰ حلقه و قیمت هر حلقه ۳.۶۵۰.۰۰۰ ریال جمعا ۷۳.۰۰۰.۰۰۰ ریال ۲۰۴- لاستیک ۱۹۵ به تعداد ۱۶ حلقه و قیمت هر حلقه ۳.۹۸۰.۰۰۰ ریال جمعا ۶۳.۶۸۰.۰۰۰ ریال ۲۰۵- لاستیک ۲۰۵ به تعداد ۱۶ حلقه و قیمت هر حلقه ۴.۲۸۰.۰۰۰ ریال جمعا ۶۸.۴۸۰.۰۰۰ ریال ۲۰۶- لاستیک وانت به تعداد ۱۲ حلقه و قیمت هر حلقه ۴.۹۰۰.۰۰۰ ریال جمعا ۵۸.۸۰۰.۰۰۰ ریال ۲۰۷- لاستیک کامیون به تعداد ۸ حلقه و قیمت هر حلقه ۱۲.۵۰۰.۰۰۰ ریال جمعا ۱۰۰.۰۰۰.۰۰۰ ریال ۲۰۸- تیوپ به تعداد ۴۰ عدد و قیمت هر عدد ۲۸۰.۰۰۰ ریال جمعا ۱۱.۲۰۰.۰۰۰ ریال ۲۰۹- رینگ اسپرت به تعداد ۸ عدد و قیمت هر عدد ۴.۶۰۰.۰۰۰ ریال جمعا ۳۶.۸۰۰.۰۰۰ ریال ۲۱۰- رینگ آهنی به تعداد ۱۲ عدد و قیمت هر عدد ۱.۸۵۰.۰۰۰ ریال جمعا ۲۲.۲۰۰.۰۰۰ ریال ۲۱۱- قالپاق به تعداد ۴۰ عدد و قیمت هر عدد ۱۹۰.۰۰۰ ریال جمعا ۷.۶۰۰.۰۰۰ ریال ۲۱۲- پیچ چرخ به تعداد ۲۰۰ عدد و قیمت هر عدد ۲۵.۰۰۰ ریال جمعا ۵.۰۰۰.۰۰۰ ریال ۲۱۳- جک دستی به تعداد ۱۵ عدد و قیمت هر عدد ۹۸۰.۰۰۰ ریال جمعا ۱۴.۷۰۰.۰۰۰ ریال ۲۱۴- جک سوسماری به تعداد ۵ عدد و قیمت هر عدد ۵.۴۰۰.۰۰۰ ریال جمعا ۲۷.۰۰۰.۰۰۰ ریال ۲۱۵- آچار چرخ به تعداد ۳۰ عدد و قیمت هر عدد ۱۸۰.۰۰۰ ریال جمعا ۵.۴۰۰.۰۰۰ ریال ۲۱۶- کمپرسور باد به تعداد ۳ دستگاه و قیمت هر دستگاه ۱۸.۵۰۰.۰۰۰ ریال جمعا ۵۵.۵۰۰.۰۰۰ ریال ۲۱۷- دستگاه بالانس به تعداد ۱ دستگاه و قیمت ۴۵.۰۰۰.۰۰۰ ریال ۲۱۸- دستگاه تایر درآر به تعداد ۱ دستگاه و قیمت ۳۸.۰۰۰.۰۰۰ ریال.

۲۱۹- آینه بغل پژو به تعداد ۱۶ عدد و قیمت هر عدد ۶۸۰.۰۰۰ ریال جمعا ۱۰.۸۸۰.۰۰۰ ریال ۲۲۰- آینه بغل پراید به تعداد ۲۰ عدد و قیمت هر عدد ۴۸۰.۰۰۰ ریال جمعا ۹.۶۰۰.۰۰۰ ریال ۲۲۱- چراغ جلو پژو به تعداد ۸ عدد و قیمت هر عدد ۱.۸۵۰.۰۰۰ ریال جمعا ۱۴.۸۰۰.۰۰۰ ریال ۲۲۲- چراغ جلو پراید به تعداد ۱۰ عدد و قیمت هر عدد ۱.۲۸۰.۰۰۰ ریال جمعا ۱۲.۸۰۰.۰۰۰ ریال ۲۲۳- چراغ عقب پژو به تعداد ۸ عدد و قیمت هر عدد ۱.۱۵۰.۰۰۰ ریال جمعا ۹.۲۰۰.۰۰۰ ریال ۲۲۴- چراغ عقب پراید به تعداد ۱۰ عدد و قیمت هر عدد ۸۶۰.۰۰۰ ریال جمعا ۸.۶۰۰.۰۰۰ ریال ۲۲۵- چراغ مه شکن به تعداد ۱۲ عدد و قیمت هر عدد ۷۴۰.۰۰۰ ریال جمعا ۸.۸۸۰.۰۰۰ ریال ۲۲۶- راهنما به تعداد ۳۰ عدد و قیمت هر عدد ۱۶۰.۰۰۰ ریال جمعا ۴.۸۰۰.۰۰۰ ریال ۲۲۷- سپر جلو به تعداد ۴ عدد و قیمت هر عدد ۳.۶۰۰.۰۰۰ ریال جمعا ۱۴.۴۰۰.۰۰۰ ریال ۲۲۸- سپر عقب به تعداد ۴ عدد و قیمت هر عدد ۳.۲۰۰.۰۰۰ ریال جمعا ۱۲.۸۰۰.۰۰۰ ریال ۲۲۹- جلو پنجره به تعداد ۶ عدد و قیمت هر عدد ۹۸۰.۰۰۰ ریال جمعا ۵.۸۸۰.۰۰۰ ریال ۲۳۰- گلگیر به تعداد ۶ عدد و قیمت هر عدد ۲.۴۰۰.۰۰۰ ریال جمعا ۱۴.۴۰۰.۰۰۰ ریال ۲۳۱- درب موتور به تعداد ۲ عدد و قیمت هر عدد ۷.۵۰۰.۰۰۰ ریال جمعا ۱۵.۰۰۰.۰۰۰ ریال ۲۳۲- درب صندوق به تعداد ۲ عدد و قیمت هر عدد ۶.۸۰۰.۰۰۰ ریال جمعا ۱۳.۶۰۰.۰۰۰ ریال ۲۳۳- شیشه جلو به تعداد ۴ عدد و قیمت هر عدد ۴.۹۰۰.۰۰۰ ریال جمعا ۱۹.۶۰۰.۰۰۰ ریال ۲۳۴- شیشه درب به تعداد ۸ عدد و قیمت هر عدد ۱.۶۵۰.۰۰۰ ریال جمعا ۱۳.۲۰۰.۰۰۰ ریال ۲۳۵- دستگیره درب به تعداد ۲۰ عدد و قیمت هر عدد ۲۶۰.۰۰۰ ریال جمعا ۵.۲۰۰.۰۰۰ ریال ۲۳۶- نوار دور درب به تعداد ۲۰ عدد و قیمت هر عدد ۳۴۰.۰۰۰ ریال جمعا ۶.۸۰۰.۰۰۰ ریال ۲۳۷- کفپوش خودرو به تعداد ۲۰ دست و قیمت هر دست ۸۲۰.۰۰۰ ریال جمعا ۱۶.۴۰۰.۰۰۰ ریال ۲۳۸- روکش صندلی به تعداد ۱۲ دست و قیمت هر دست ۲.۶۰۰.۰۰۰ ریال جمعا ۳۱.۲۰۰.۰۰۰ ریال ۲۳۹- چادر خودرو به تعداد ۱۵ عدد و قیمت هر عدد ۱.۱۲۰.۰۰۰ ریال جمعا ۱۶.۸۰۰.۰۰۰ ریال ۲۴۰- دوربین دنده عقب به تعداد ۸ عدد و قیمت هر عدد ۱.۹۸۰.۰۰۰ ریال جمعا ۱۵.۸۴۰.۰۰۰ ریال.

۲۴۱- ضد یخ ۴ لیتری به تعداد ۳۶ عدد و قیمت هر عدد ۳۹۰.۰۰۰ ریال جمعا ۱۴.۰۴۰.۰۰۰ ریال ۲۴۲- ضد جوش به تعداد ۳۰ عدد و قیمت هر عدد ۳۶۰.۰۰۰ ریال جمعا ۱۰.۸۰۰.۰۰۰ ریال ۲۴۳- آب باتری به تعداد ۸۰ عدد و قیمت هر عدد ۴۵.۰۰۰ ریال جمعا ۳.۶۰۰.۰۰۰ ریال ۲۴۴- واکس بدنه به تعداد ۴۰ عدد و قیمت هر عدد ۱۸۰.۰۰۰ ریال جمعا ۷.۲۰۰.۰۰۰ ریال ۲۴۵- شامپو خودرو به تعداد ۶۰ عدد و قیمت هر عدد ۹۵.۰۰۰ ریال جمعا ۵.۷۰۰.۰۰۰ ریال ۲۴۶- اسپری داشبورد به تعداد ۵۰ عدد و قیمت هر عدد ۱۱۰.۰۰۰ ریال جمعا ۵.۵۰۰.۰۰۰ ریال ۲۴۷- مایع شیشه شوی به تعداد ۶۰ عدد و قیمت هر عدد ۶۵.۰۰۰ ریال جمعا ۳.۹۰۰.۰۰۰ ریال ۲۴۸- چسب آب بندی به تعداد ۴۰ عدد و قیمت هر عدد ۱۲۵.۰۰۰ ریال جمعا ۵.۰۰۰.۰۰۰ ریال ۲۴۹- اسپری رنگ به تعداد ۸۰ عدد و قیمت هر عدد ۹۰.۰۰۰ ریال جمعا ۷.۲۰۰.۰۰۰ ریال ۲۵۰- بتونه به تعداد ۳۰ عدد و قیمت هر عدد ۲۲۰.۰۰۰ ریال جمعا ۶.۶۰۰.۰۰۰ ریال ۲۵۱- سمباده به تعداد ۲۰۰ برگ و قیمت هر برگ ۱۵.۰۰۰ ریال جمعا ۳.۰۰۰.۰۰۰ ریال ۲۵۲- تینر به تعداد ۴۰ عدد و قیمت هر عدد ۱۴۰.۰۰۰ ریال جمعا ۵.۶۰۰.۰۰۰ ریال ۲۵۳- رنگ خودرو به تعداد ۲۰ عدد و قیمت هر عدد ۸۶۰.۰۰۰ ریال جمعا ۱۷.۲۰۰.۰۰۰ ریال ۲۵۴- کیلر به تعداد ۱۵ عدد و قیمت هر عدد ۹۴۰.۰۰۰ ریال جمعا ۱۴.۱۰۰.۰۰۰ ریال ۲۵۵- پولیش به تعداد ۲۵ عدد و قیمت هر عدد ۳۲۰.۰۰۰ ریال جمعا ۸.۰۰۰.۰۰۰ ریال ۲۵۶- زیرآب به تعداد ۵۰ عدد و قیمت هر عدد ۵۵.۰۰۰ ریال جمعا ۲.۷۵۰.۰۰۰ ریال.

۲۵۷- آچار بکس به تعداد ۸ دست و قیمت هر دست ۴.۲۰۰.۰۰۰ ریال جمعا ۳۳.۶۰۰.۰۰۰ ریال ۲۵۸- آچار تخت به تعداد ۱۰ دست و قیمت هر دست ۱.۸۵۰.۰۰۰ ریال جمعا ۱۸.۵۰۰.۰۰۰ ریال ۲۵۹- آچار رینگی به تعداد ۱۰ دست و قیمت هر دست ۱.۹۸۰.۰۰۰ ریال جمعا ۱۹.۸۰۰.۰۰۰ ریال ۲۶۰- آچار فرانسه به تعداد ۱۵ عدد و قیمت هر عدد ۳۸۰.۰۰۰ ریال جمعا ۵.۷۰۰.۰۰۰ ریال ۲۶۱- پیچ گوشتی به تعداد ۲۰ دست و قیمت هر دست ۴۲۰.۰۰۰ ریال جمعا ۸.۴۰۰.۰۰۰ ریال ۲۶۲- انبردست به تعداد ۲۰ عدد و قیمت هر عدد ۲۶۰.۰۰۰ ریال جمعا ۵.۲۰۰.۰۰۰ ریال ۲۶۳- دم باریک به تعداد ۲۰ عدد و قیمت هر عدد ۲۲۰.۰۰۰ ریال جمعا ۴.۴۰۰.۰۰۰ ریال ۲۶۴- چکش به تعداد ۱۵ عدد و قیمت هر عدد ۱۹۰.۰۰۰ ریال جمعا ۲.۸۵۰.۰۰۰ ریال ۲۶۵- آچار ترک متر به تعداد ۴ عدد و قیمت هر عدد ۳.۴۰۰.۰۰۰ ریال جمعا ۱۳.۶۰۰.۰۰۰ ریال ۲۶۶- دریل برقی به تعداد ۵ دستگاه و قیمت هر دستگاه ۲.۸۵۰.۰۰۰ ریال جمعا ۱۴.۲۵۰.۰۰۰ ریال ۲۶۷- فرز آهنگری به تعداد ۴ دستگاه و قیمت هر دستگاه ۳.۶۰۰.۰۰۰ ریال جمعا ۱۴.۴۰۰.۰۰۰ ریال ۲۶۸- دستگاه جوش به تعداد ۲ دستگاه و قیمت هر دستگاه ۹.۸۰۰.۰۰۰ ریال جمعا ۱۹.۶۰۰.۰۰۰ ریال ۲۶۹- بکس بادی به تعداد ۳ دستگاه و قیمت هر دستگاه ۵.۲۰۰.۰۰۰ ریال جمعا ۱۵.۶۰۰.۰۰۰ ریال ۲۷۰- جعبه ابزار به تعداد ۱۰ عدد و قیمت هر عدد ۱.۲۵۰.۰۰۰ ریال جمعا ۱۲.۵۰۰.۰۰۰ ریال ۲۷۱- مولتی متر به تعداد ۶ عدد و قیمت هر عدد ۱.۴۰۰.۰۰۰ ریال جمعا ۸.۴۰۰.۰۰۰ ریال ۲۷۲- دیاگ خودرو به تعداد ۱ دستگاه و قیمت ۲۸.۰۰۰.۰۰۰ ریال ۲۷۳- شارژر باتری به تعداد ۳ دستگاه و قیمت هر دستگاه ۴.۶۰۰.۰۰۰ ریال جمعا ۱۳.۸۰۰.۰۰۰ ریال ۲۷۴- کابل باتری به به تعداد ۲۰ عدد و قیمت هر عدد ۳۸۰.۰۰۰ ریال جمعا ۷.۶۰۰.۰۰۰ ریال.

۲۷۵- قفسه فلزی به تعداد ۱۲ عدد و قیمت هر عدد ۳.۸۰۰.۰۰۰ ریال جمعا ۴۵.۶۰۰.۰۰۰ ریال ۲۷۶- میز کار به تعداد ۴ عدد و قیمت هر عدد ۴.۵۰۰.۰۰۰ ریال جمعا ۱۸.۰۰۰.۰۰۰ ریال ۲۷۷- صندلی به تعداد ۱۰ عدد و قیمت هر عدد ۹۸۰.۰۰۰ ریال جمعا ۹.۸۰۰.۰۰۰ ریال ۲۷۸- کامپیوتر به تعداد ۲ دستگاه و قیمت هر دستگاه ۱۸.۰۰۰.۰۰۰ ریال جمعا ۳۶.۰۰۰.۰۰۰ ریال ۲۷۹- پرینتر به تعداد ۱ دستگاه و قیمت ۸.۵۰۰.۰۰۰ ریال ۲۸۰- صندوق فروشگاهی به تعداد ۱ دستگاه و قیمت ۱۲.۰۰۰.۰۰۰ ریال ۲۸۱- دوربین مداربسته به تعداد ۸ عدد و قیمت هر عدد ۱.۶۵۰.۰۰۰ ریال جمعا ۱۳.۲۰۰.۰۰۰ ریال ۲۸۲- دستگاه ضبط تصاویر به تعداد ۱ دستگاه و قیمت ۶.۴۰۰.۰۰۰ ریال ۲۸۳- کولر آبی به تعداد ۲ دستگاه و قیمت هر دستگاه ۱۴.۵۰۰.۰۰۰ ریال جمعا ۲۹.۰۰۰.۰۰۰ ریال ۲۸۴- بخاری گازی به تعداد ۲ دستگاه و قیمت هر دستگاه ۶.۸۰۰.۰۰۰ ریال جمعا ۱۳.۶۰۰.۰۰۰ ریال ۲۸۵- یخچال به تعداد ۱ دستگاه و قیمت ۱۹.۰۰۰.۰۰۰ ریال ۲۸۶- تابلو سردر به تعداد ۱ عدد و قیمت ۱۵.۰۰۰.۰۰۰ ریال.

مزایده در تاریخ مقرر از ساعت ۱۰ الی ۱۱ صبح در محل اجرای احکام مدنی دادگستری برگزار می گردد. متقاضیان شرکت در مزایده می توانند پنج روز قبل از برگزاری مزایده با هماهنگی این اجرا جهت بازدید از اموال مذکور اقدام نمایند. مزایده از قیمت پایه کارشناسی شروع و برنده مزایده کسی است که بالاترین قیمت را پیشنهاد نماید. ده درصد مبلغ پیشنهادی فی المجلس از برنده اخذ و الباقی حداکثر ظرف مدت یک ماه از تاریخ برگزاری مزایده وصول خواهد شد. در صورت انصراف یا عدم پرداخت الباقی در موعد مقرر، مبلغ واریزی پس از کسر هزینه های اجرایی به نفع دولت ضبط خواهد شد. هزینه های نقل و انتقال به عهده خریدار است و کلیه اموال به صورت یکجا به فروش می رسد.

مدیر دفتر اجرای احکام مدنی دادگستری
